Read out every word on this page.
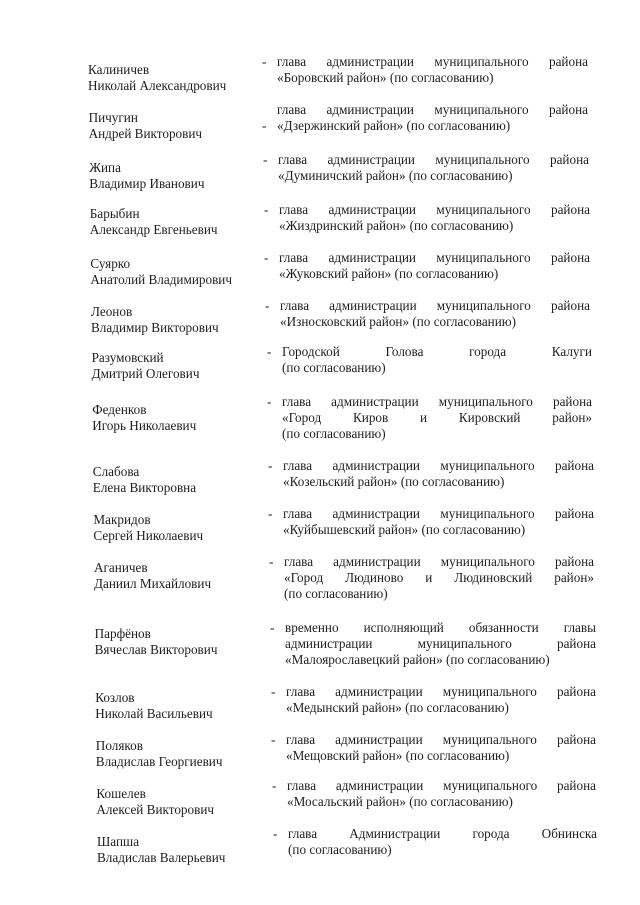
Калиничев
Николай Александрович
- глава администрации муниципального района
«Боровский район» (по согласованию)
Пичугин
Андрей Викторович
-
глава администрации муниципального района
«Дзержинский район» (по согласованию)
Жипа
Владимир Иванович
- глава администрации муниципального района
«Думиничский район» (по согласованию)
Барыбин
Александр Евгеньевич
- глава администрации муниципального района
«Жиздринский район» (по согласованию)
Суярко
Анатолий Владимирович
- глава администрации муниципального района
«Жуковский район» (по согласованию)
Леонов
Владимир Викторович
- глава администрации муниципального района
«Износковский район» (по согласованию)
Разумовский
Дмитрий Олегович
- Городской Голова города Калуги
(по согласованию)
Феденков
Игорь Николаевич
- глава администрации муниципального района
«Город Киров и Кировский район»
(по согласованию)
Слабова
Елена Викторовна
- глава администрации муниципального района
«Козельский район» (по согласованию)
Макридов
Сергей Николаевич
- глава администрации муниципального района
«Куйбышевский район» (по согласованию)
Аганичев
Даниил Михайлович
- глава администрации муниципального района
«Город Людиново и Людиновский район»
(по согласованию)
Парфёнов
Вячеслав Викторович
- временно исполняющий обязанности главы
администрации муниципального района
«Малоярославецкий район» (по согласованию)
Козлов
Николай Васильевич
- глава администрации муниципального района
«Медынский район» (по согласованию)
Поляков
Владислав Георгиевич
- глава администрации муниципального района
«Мещовский район» (по согласованию)
Кошелев
Алексей Викторович
- глава администрации муниципального района
«Мосальский район» (по согласованию)
Шапша
Владислав Валерьевич
- глава Администрации города Обнинска
(по согласованию)
